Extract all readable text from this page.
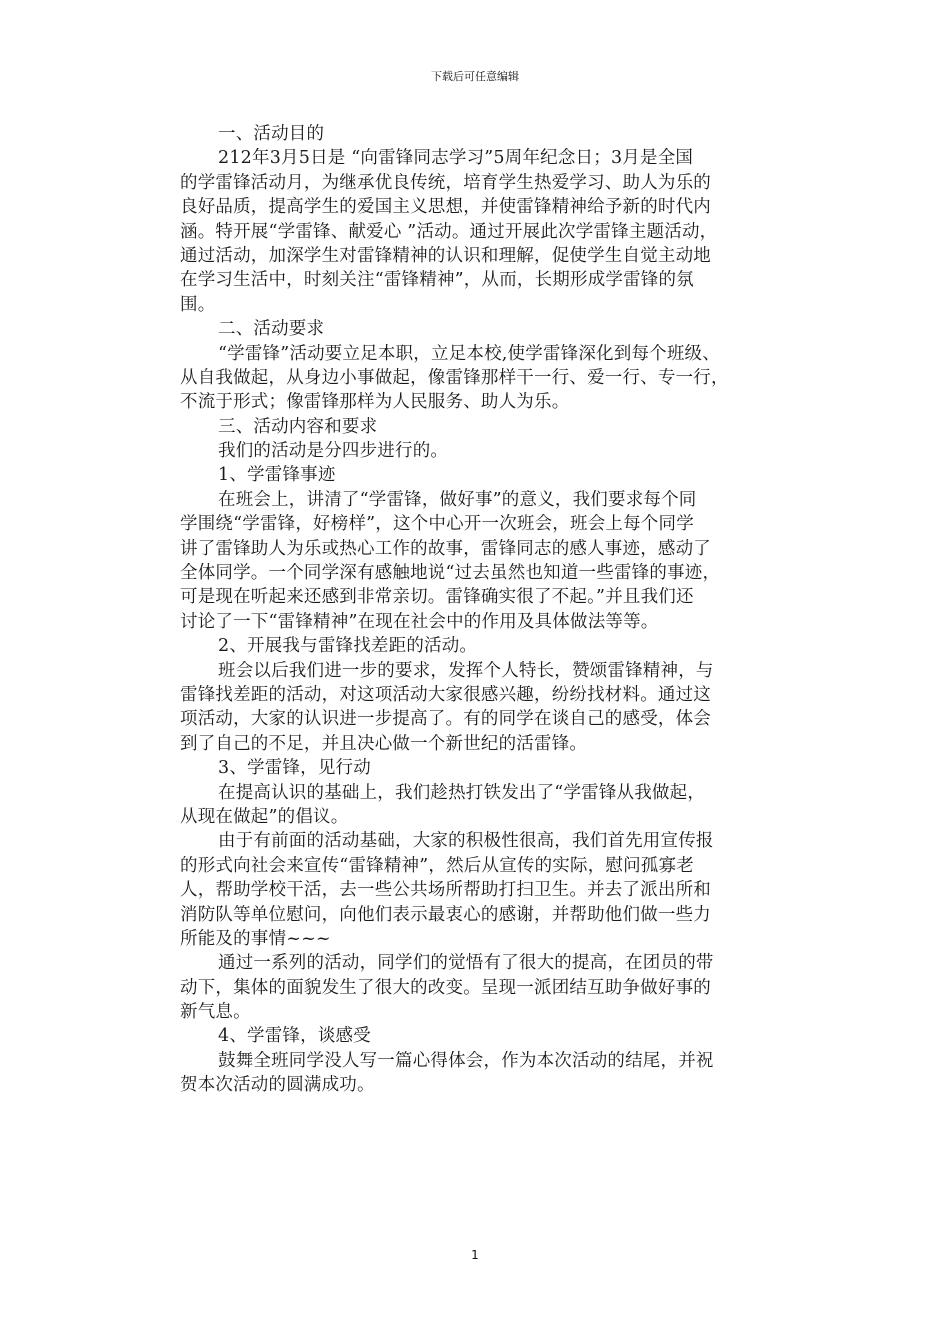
下载后可任意编辑
一、活动目的
212年3月5日是 “向雷锋同志学习”5周年纪念日；3月是全国
的学雷锋活动月，为继承优良传统，培育学生热爱学习、助人为乐的
良好品质，提高学生的爱国主义思想，并使雷锋精神给予新的时代内
涵。特开展“学雷锋、献爱心 ”活动。通过开展此次学雷锋主题活动，
通过活动，加深学生对雷锋精神的认识和理解，促使学生自觉主动地
在学习生活中，时刻关注“雷锋精神”，从而，长期形成学雷锋的氛
围。
二、活动要求
“学雷锋”活动要立足本职，立足本校,使学雷锋深化到每个班级、
从自我做起，从身边小事做起，像雷锋那样干一行、爱一行、专一行，
不流于形式；像雷锋那样为人民服务、助人为乐。
三、活动内容和要求
我们的活动是分四步进行的。
1、学雷锋事迹
在班会上，讲清了“学雷锋，做好事”的意义，我们要求每个同
学围绕“学雷锋，好榜样”，这个中心开一次班会，班会上每个同学
讲了雷锋助人为乐或热心工作的故事，雷锋同志的感人事迹，感动了
全体同学。一个同学深有感触地说“过去虽然也知道一些雷锋的事迹，
可是现在听起来还感到非常亲切。雷锋确实很了不起。”并且我们还
讨论了一下“雷锋精神”在现在社会中的作用及具体做法等等。
2、开展我与雷锋找差距的活动。
班会以后我们进一步的要求，发挥个人特长，赞颂雷锋精神，与
雷锋找差距的活动，对这项活动大家很感兴趣，纷纷找材料。通过这
项活动，大家的认识进一步提高了。有的同学在谈自己的感受，体会
到了自己的不足，并且决心做一个新世纪的活雷锋。
3、学雷锋，见行动
在提高认识的基础上，我们趁热打铁发出了“学雷锋从我做起，
从现在做起”的倡议。
由于有前面的活动基础，大家的积极性很高，我们首先用宣传报
的形式向社会来宣传“雷锋精神”，然后从宣传的实际，慰问孤寡老
人，帮助学校干活，去一些公共场所帮助打扫卫生。并去了派出所和
消防队等单位慰问，向他们表示最衷心的感谢，并帮助他们做一些力
所能及的事情~~~
通过一系列的活动，同学们的觉悟有了很大的提高，在团员的带
动下，集体的面貌发生了很大的改变。呈现一派团结互助争做好事的
新气息。
4、学雷锋，谈感受
鼓舞全班同学没人写一篇心得体会，作为本次活动的结尾，并祝
贺本次活动的圆满成功。
1
